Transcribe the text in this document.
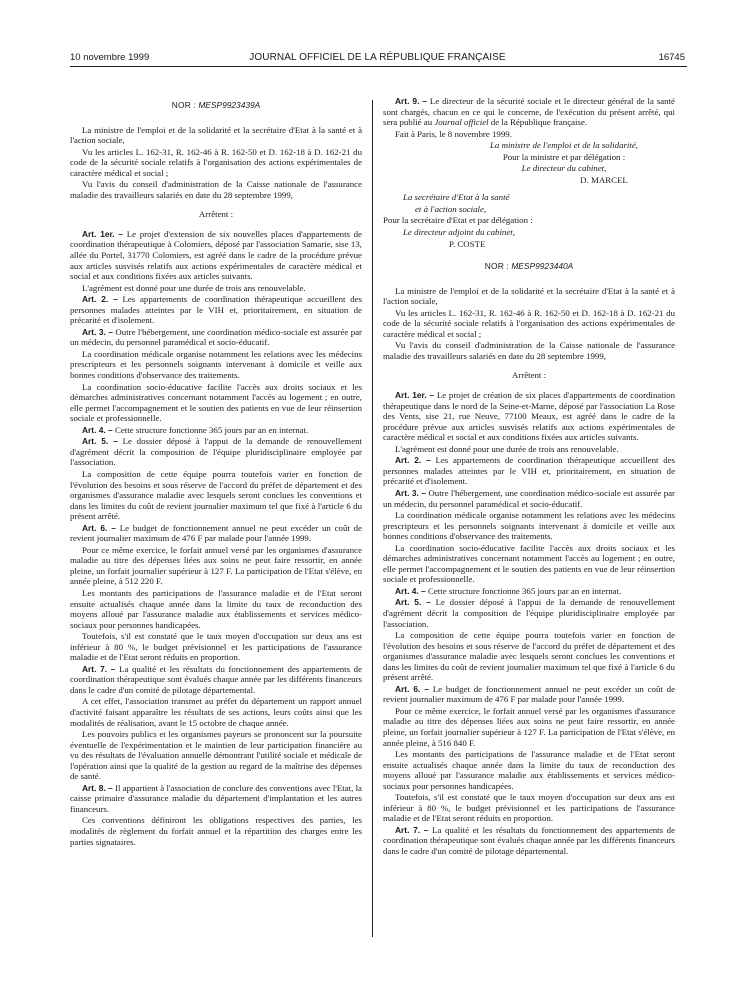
10 novembre 1999	JOURNAL OFFICIEL DE LA RÉPUBLIQUE FRANÇAISE	16745

NOR : MESP9923439A

La ministre de l'emploi et de la solidarité et la secrétaire d'Etat à la santé et à l'action sociale,

Vu les articles L. 162-31, R. 162-46 à R. 162-50 et D. 162-18 à D. 162-21 du code de la sécurité sociale relatifs à l'organisation des actions expérimentales de caractère médical et social ;

Vu l'avis du conseil d'administration de la Caisse nationale de l'assurance maladie des travailleurs salariés en date du 28 septembre 1999,

Arrêtent :

Art. 1er. – Le projet d'extension de six nouvelles places d'appartements de coordination thérapeutique à Colomiers, déposé par l'association Samarie, sise 13, allée du Portel, 31770 Colomiers, est agréé dans le cadre de la procédure prévue aux articles susvisés relatifs aux actions expérimentales de caractère médical et social et aux conditions fixées aux articles suivants.

L'agrément est donné pour une durée de trois ans renouvelable.

Art. 2. – Les appartements de coordination thérapeutique accueillent des personnes malades atteintes par le VIH et, prioritairement, en situation de précarité et d'isolement.

Art. 3. – Outre l'hébergement, une coordination médico-sociale est assurée par un médecin, du personnel paramédical et socio-éducatif.

La coordination médicale organise notamment les relations avec les médecins prescripteurs et les personnels soignants intervenant à domicile et veille aux bonnes conditions d'observance des traitements.

La coordination socio-éducative facilite l'accès aux droits sociaux et les démarches administratives concernant notamment l'accès au logement ; en outre, elle permet l'accompagnement et le soutien des patients en vue de leur réinsertion sociale et professionnelle.

Art. 4. – Cette structure fonctionne 365 jours par an en internat.

Art. 5. – Le dossier déposé à l'appui de la demande de renouvellement d'agrément décrit la composition de l'équipe pluridisciplinaire employée par l'association.

La composition de cette équipe pourra toutefois varier en fonction de l'évolution des besoins et sous réserve de l'accord du préfet de département et des organismes d'assurance maladie avec lesquels seront conclues les conventions et dans les limites du coût de revient journalier maximum tel que fixé à l'article 6 du présent arrêté.

Art. 6. – Le budget de fonctionnement annuel ne peut excéder un coût de revient journalier maximum de 476 F par malade pour l'année 1999.

Pour ce même exercice, le forfait annuel versé par les organismes d'assurance maladie au titre des dépenses liées aux soins ne peut faire ressortir, en année pleine, un forfait journalier supérieur à 127 F. La participation de l'Etat s'élève, en année pleine, à 512 220 F.

Les montants des participations de l'assurance maladie et de l'Etat seront ensuite actualisés chaque année dans la limite du taux de reconduction des moyens alloué par l'assurance maladie aux établissements et services médico-sociaux pour personnes handicapées.

Toutefois, s'il est constaté que le taux moyen d'occupation sur deux ans est inférieur à 80 %, le budget prévisionnel et les participations de l'assurance maladie et de l'Etat seront réduits en proportion.

Art. 7. – La qualité et les résultats du fonctionnement des appartements de coordination thérapeutique sont évalués chaque année par les différents financeurs dans le cadre d'un comité de pilotage départemental.

A cet effet, l'association transmet au préfet du département un rapport annuel d'activité faisant apparaître les résultats de ses actions, leurs coûts ainsi que les modalités de réalisation, avant le 15 octobre de chaque année.

Les pouvoirs publics et les organismes payeurs se prononcent sur la poursuite éventuelle de l'expérimentation et le maintien de leur participation financière au vu des résultats de l'évaluation annuelle démontrant l'utilité sociale et médicale de l'opération ainsi que la qualité de la gestion au regard de la maîtrise des dépenses de santé.

Art. 8. – Il appartient à l'association de conclure des conventions avec l'Etat, la caisse primaire d'assurance maladie du département d'implantation et les autres financeurs.

Ces conventions définiront les obligations respectives des parties, les modalités de règlement du forfait annuel et la répartition des charges entre les parties signataires.

Art. 9. – Le directeur de la sécurité sociale et le directeur général de la santé sont chargés, chacun en ce qui le concerne, de l'exécution du présent arrêté, qui sera publié au Journal officiel de la République française.

Fait à Paris, le 8 novembre 1999.

La ministre de l'emploi et de la solidarité,

Pour la ministre et par délégation :

Le directeur du cabinet,

D. MARCEL

La secrétaire d'Etat à la santé

et à l'action sociale,

Pour la secrétaire d'Etat et par délégation :

Le directeur adjoint du cabinet,

P. COSTE

NOR : MESP9923440A

La ministre de l'emploi et de la solidarité et la secrétaire d'Etat à la santé et à l'action sociale,

Vu les articles L. 162-31, R. 162-46 à R. 162-50 et D. 162-18 à D. 162-21 du code de la sécurité sociale relatifs à l'organisation des actions expérimentales de caractère médical et social ;

Vu l'avis du conseil d'administration de la Caisse nationale de l'assurance maladie des travailleurs salariés en date du 28 septembre 1999,

Arrêtent :

Art. 1er. – Le projet de création de six places d'appartements de coordination thérapeutique dans le nord de la Seine-et-Marne, déposé par l'association La Rose des Vents, sise 21, rue Neuve, 77100 Meaux, est agréé dans le cadre de la procédure prévue aux articles susvisés relatifs aux actions expérimentales de caractère médical et social et aux conditions fixées aux articles suivants.

L'agrément est donné pour une durée de trois ans renouvelable.

Art. 2. – Les appartements de coordination thérapeutique accueillent des personnes malades atteintes par le VIH et, prioritairement, en situation de précarité et d'isolement.

Art. 3. – Outre l'hébergement, une coordination médico-sociale est assurée par un médecin, du personnel paramédical et socio-éducatif.

La coordination médicale organise notamment les relations avec les médecins prescripteurs et les personnels soignants intervenant à domicile et veille aux bonnes conditions d'observance des traitements.

La coordination socio-éducative facilite l'accès aux droits sociaux et les démarches administratives concernant notamment l'accès au logement ; en outre, elle permet l'accompagnement et le soutien des patients en vue de leur réinsertion sociale et professionnelle.

Art. 4. – Cette structure fonctionne 365 jours par an en internat.

Art. 5. – Le dossier déposé à l'appui de la demande de renouvellement d'agrément décrit la composition de l'équipe pluridisciplinaire employée par l'association.

La composition de cette équipe pourra toutefois varier en fonction de l'évolution des besoins et sous réserve de l'accord du préfet de département et des organismes d'assurance maladie avec lesquels seront conclues les conventions et dans les limites du coût de revient journalier maximum tel que fixé à l'article 6 du présent arrêté.

Art. 6. – Le budget de fonctionnement annuel ne peut excéder un coût de revient journalier maximum de 476 F par malade pour l'année 1999.

Pour ce même exercice, le forfait annuel versé par les organismes d'assurance maladie au titre des dépenses liées aux soins ne peut faire ressortir, en année pleine, un forfait journalier supérieur à 127 F. La participation de l'Etat s'élève, en année pleine, à 516 840 F.

Les montants des participations de l'assurance maladie et de l'Etat seront ensuite actualisés chaque année dans la limite du taux de reconduction des moyens alloué par l'assurance maladie aux établissements et services médico-sociaux pour personnes handicapées.

Toutefois, s'il est constaté que le taux moyen d'occupation sur deux ans est inférieur à 80 %, le budget prévisionnel et les participations de l'assurance maladie et de l'Etat seront réduits en proportion.

Art. 7. – La qualité et les résultats du fonctionnement des appartements de coordination thérapeutique sont évalués chaque année par les différents financeurs dans le cadre d'un comité de pilotage départemental.
